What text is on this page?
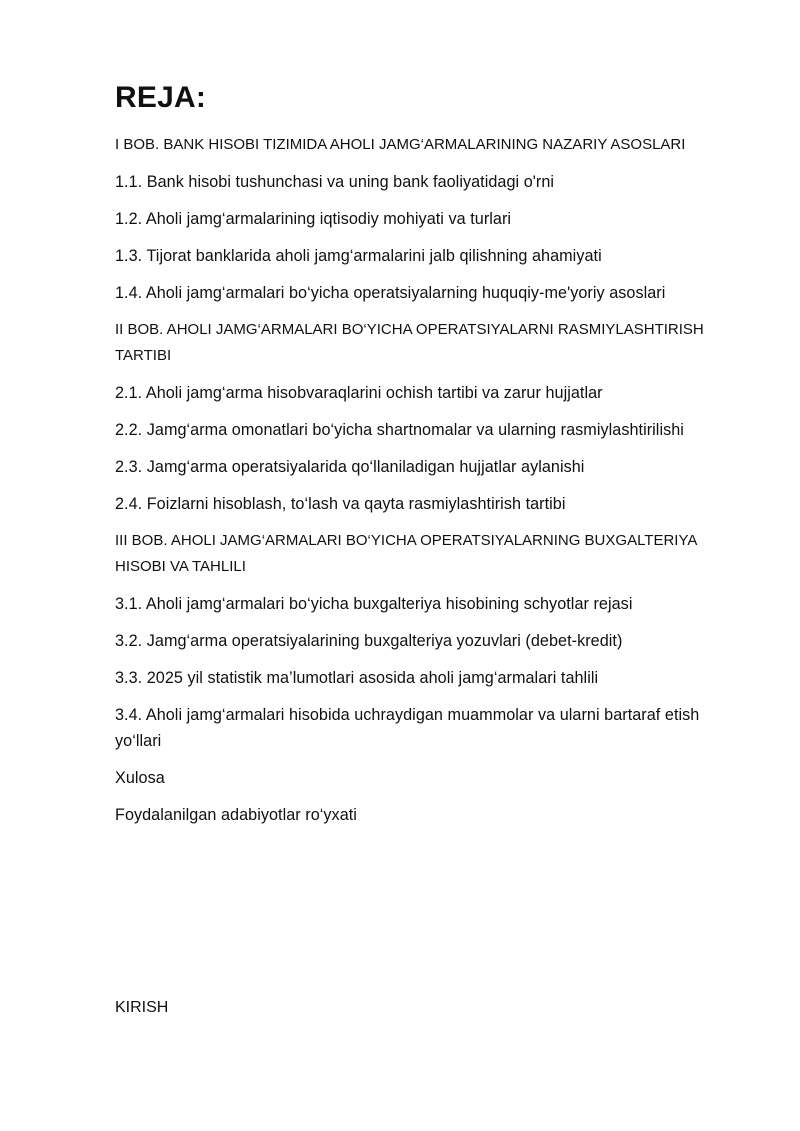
REJA:

I BOB. BANK HISOBI TIZIMIDA AHOLI JAMG‘ARMALARINING NAZARIY ASOSLARI

1.1. Bank hisobi tushunchasi va uning bank faoliyatidagi o'rni

1.2. Aholi jamg‘armalarining iqtisodiy mohiyati va turlari

1.3. Tijorat banklarida aholi jamg‘armalarini jalb qilishning ahamiyati

1.4. Aholi jamg‘armalari bo‘yicha operatsiyalarning huquqiy-me'yoriy asoslari

II BOB. AHOLI JAMG‘ARMALARI BO‘YICHA OPERATSIYALARNI RASMIYLASHTIRISH TARTIBI

2.1. Aholi jamg‘arma hisobvaraqlarini ochish tartibi va zarur hujjatlar

2.2. Jamg‘arma omonatlari bo‘yicha shartnomalar va ularning rasmiylashtirilishi

2.3. Jamg‘arma operatsiyalarida qo‘llaniladigan hujjatlar aylanishi

2.4. Foizlarni hisoblash, to‘lash va qayta rasmiylashtirish tartibi

III BOB. AHOLI JAMG‘ARMALARI BO‘YICHA OPERATSIYALARNING BUXGALTERIYA HISOBI VA TAHLILI

3.1. Aholi jamg‘armalari bo‘yicha buxgalteriya hisobining schyotlar rejasi

3.2. Jamg‘arma operatsiyalarining buxgalteriya yozuvlari (debet-kredit)

3.3. 2025 yil statistik ma’lumotlari asosida aholi jamg‘armalari tahlili

3.4. Aholi jamg‘armalari hisobida uchraydigan muammolar va ularni bartaraf etish yo‘llari

Xulosa

Foydalanilgan adabiyotlar ro‘yxati

KIRISH
